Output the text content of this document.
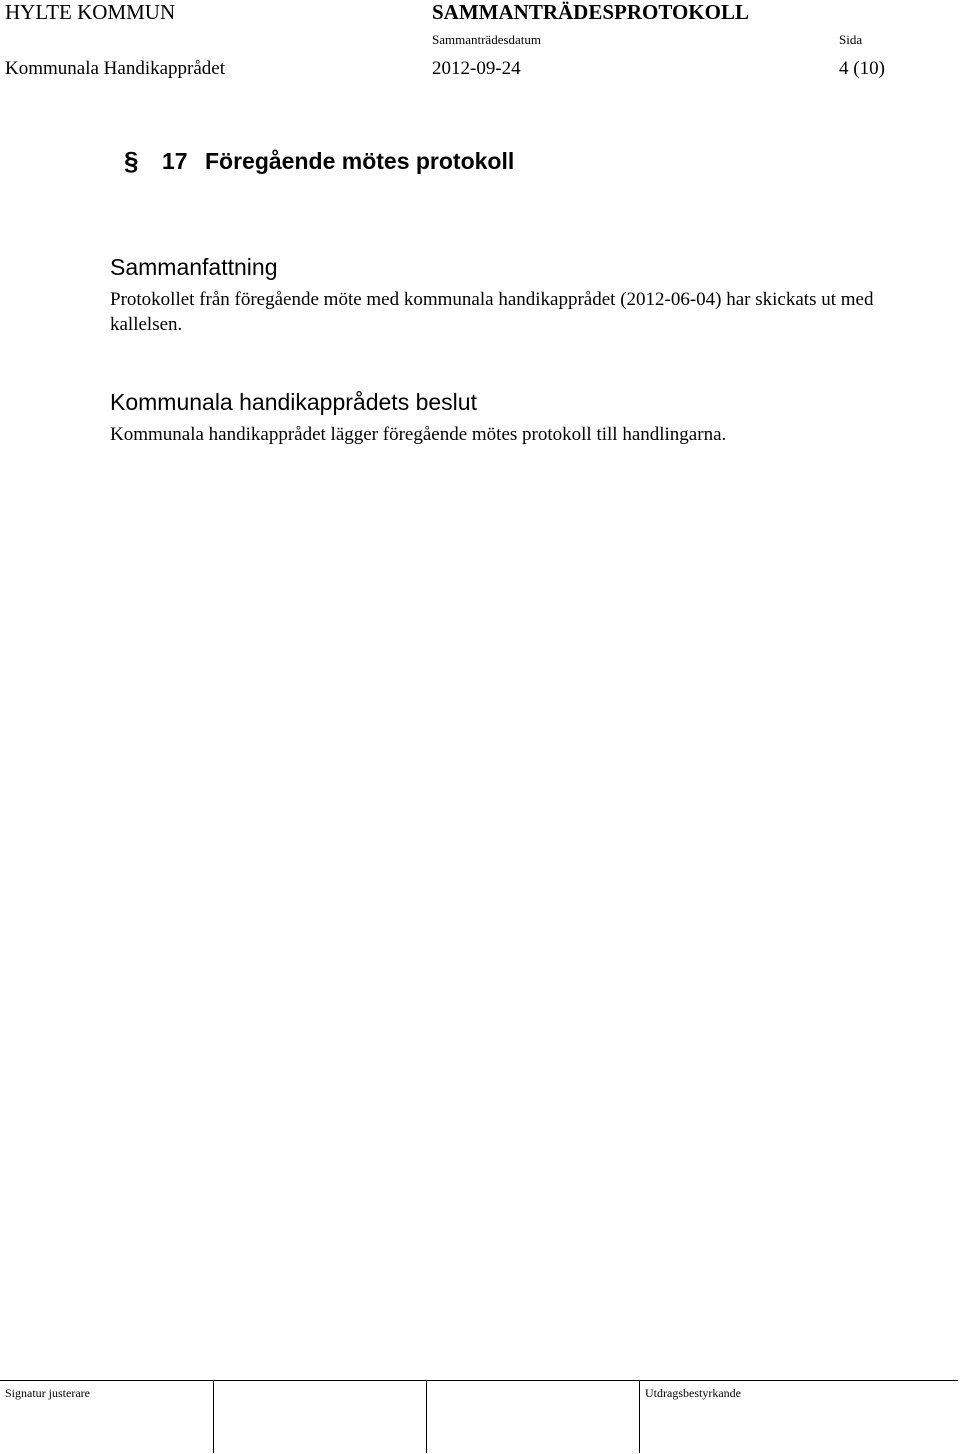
HYLTE KOMMUN	SAMMANTRÄDESPROTOKOLL
Sammanträdesdatum	Sida
Kommunala Handikapprådet	2012-09-24	4 (10)
§ 17 Föregående mötes protokoll
Sammanfattning
Protokollet från föregående möte med kommunala handikapprådet (2012-06-04) har skickats ut med kallelsen.
Kommunala handikapprådets beslut
Kommunala handikapprådet lägger föregående mötes protokoll till handlingarna.
Signatur justerare	Utdragsbestyrkande
